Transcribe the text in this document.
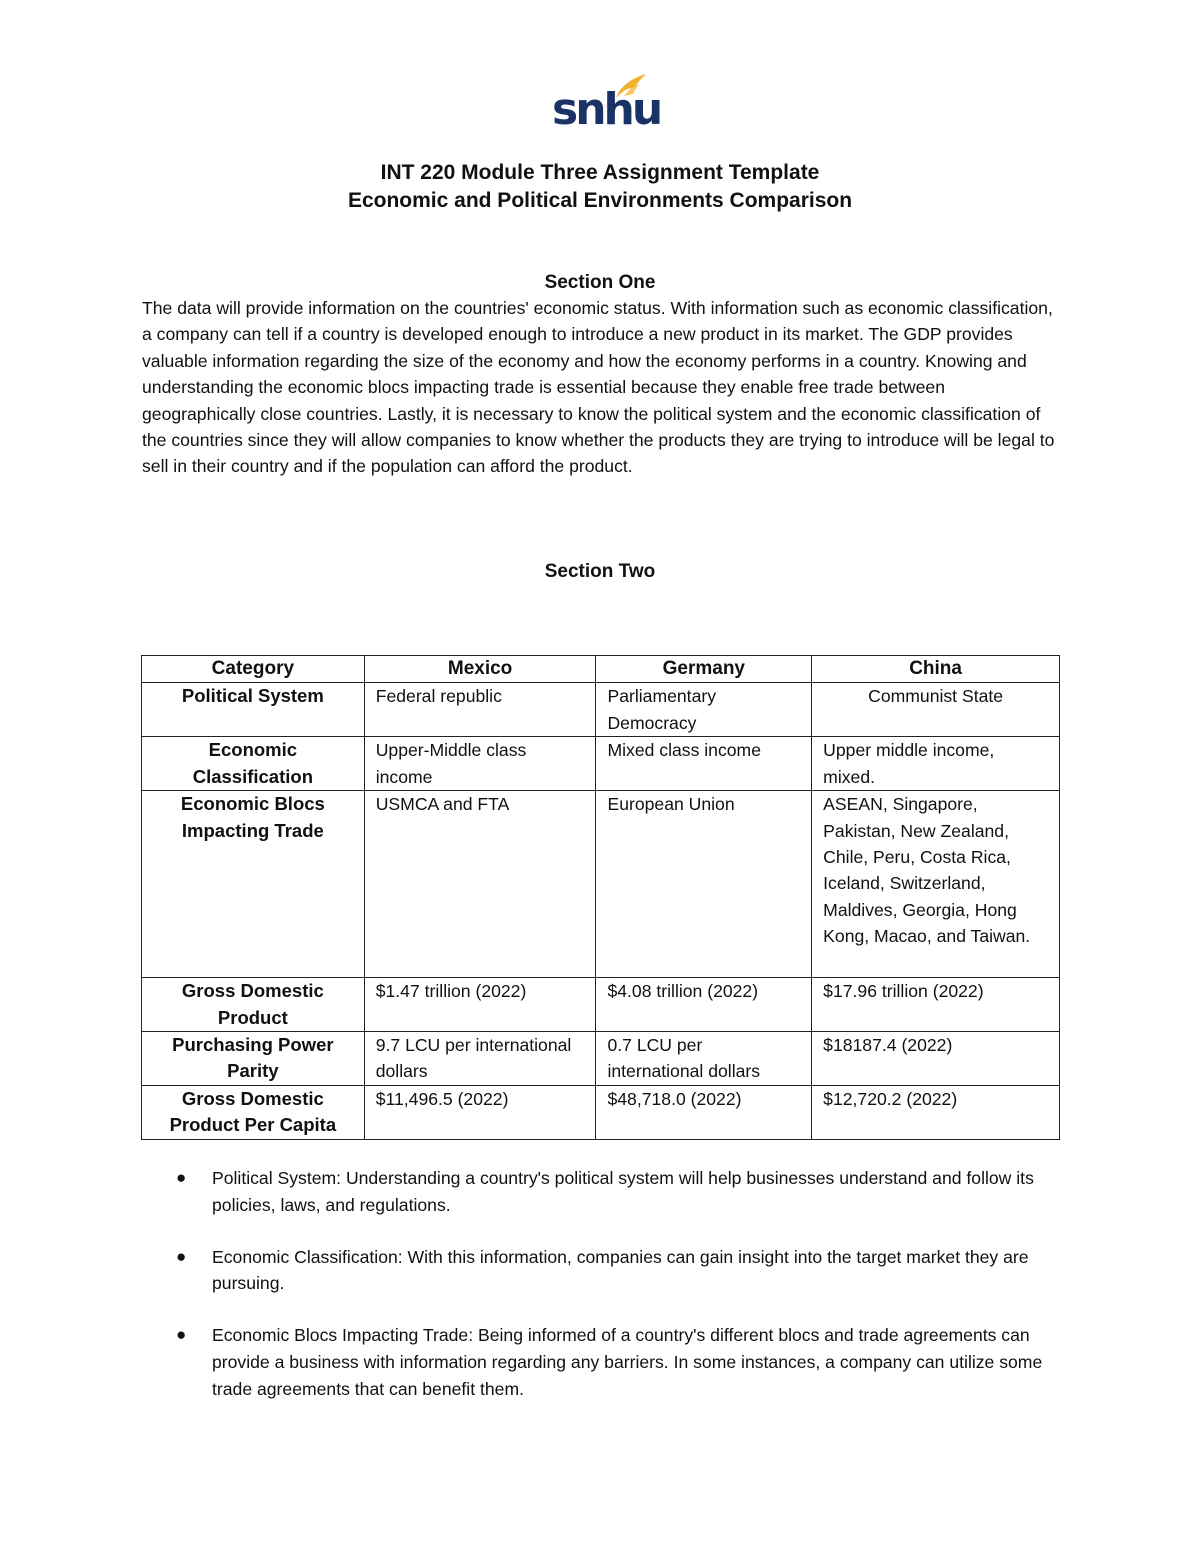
snhu
INT 220 Module Three Assignment Template
Economic and Political Environments Comparison
Section One

The data will provide information on the countries' economic status. With information such as economic classification, a company can tell if a country is developed enough to introduce a new product in its market. The GDP provides valuable information regarding the size of the economy and how the economy performs in a country. Knowing and understanding the economic blocs impacting trade is essential because they enable free trade between geographically close countries. Lastly, it is necessary to know the political system and the economic classification of the countries since they will allow companies to know whether the products they are trying to introduce will be legal to sell in their country and if the population can afford the product.

Section Two
Category	Mexico	Germany	China
Political System	Federal republic	Parliamentary Democracy	Communist State
Economic Classification	Upper-Middle class income	Mixed class income	Upper middle income, mixed.
Economic Blocs Impacting Trade	USMCA and FTA	European Union	ASEAN, Singapore, Pakistan, New Zealand, Chile, Peru, Costa Rica, Iceland, Switzerland, Maldives, Georgia, Hong Kong, Macao, and Taiwan.
Gross Domestic Product	$1.47 trillion (2022)	$4.08 trillion (2022)	$17.96 trillion (2022)
Purchasing Power Parity	9.7 LCU per international dollars	0.7 LCU per international dollars	$18187.4 (2022)
Gross Domestic Product Per Capita	$11,496.5 (2022)	$48,718.0 (2022)	$12,720.2 (2022)
● Political System: Understanding a country's political system will help businesses understand and follow its policies, laws, and regulations.
● Economic Classification: With this information, companies can gain insight into the target market they are pursuing.
● Economic Blocs Impacting Trade: Being informed of a country's different blocs and trade agreements can provide a business with information regarding any barriers. In some instances, a company can utilize some trade agreements that can benefit them.
